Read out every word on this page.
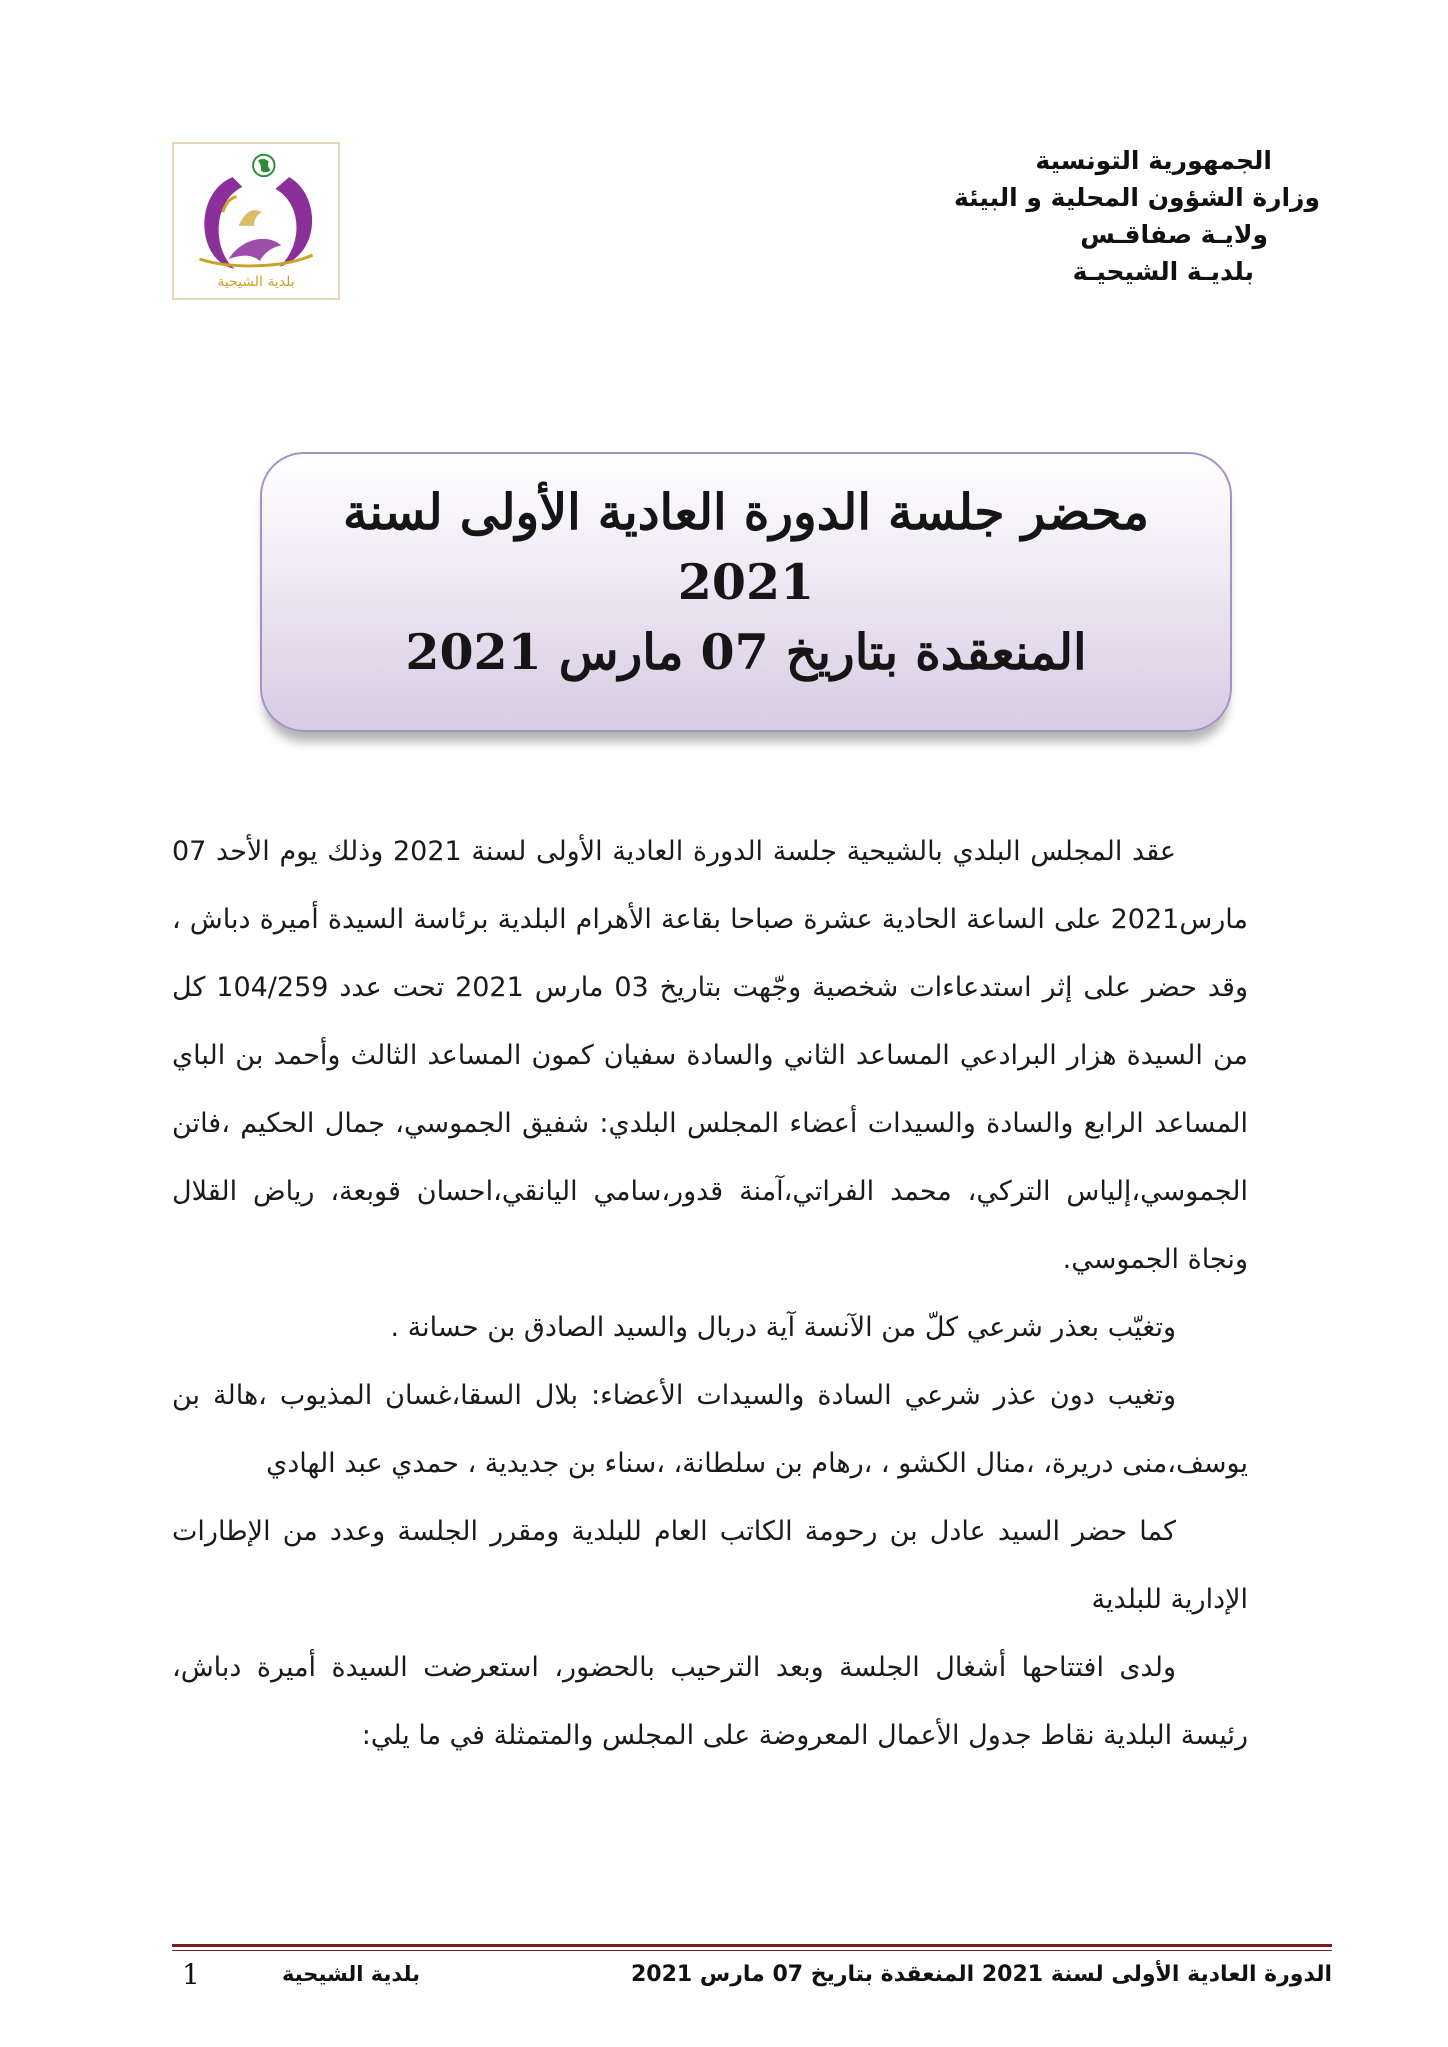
بلدية الشيحية
الجمهورية التونسية
وزارة الشؤون المحلية و البيئة
ولايـة صفاقـس
بلديـة الشيحيـة
محضر جلسة الدورة العادية الأولى لسنة
2021
المنعقدة بتاريخ 07 مارس 2021

عقد المجلس البلدي بالشيحية جلسة الدورة العادية الأولى لسنة 2021 وذلك يوم الأحد 07 مارس2021 على الساعة الحادية عشرة صباحا بقاعة الأهرام البلدية برئاسة السيدة أميرة دباش ، وقد حضر على إثر استدعاءات شخصية وجّهت بتاريخ 03 مارس 2021 تحت عدد 104/259 كل من السيدة هزار البرادعي المساعد الثاني والسادة سفيان كمون المساعد الثالث وأحمد بن الباي المساعد الرابع والسادة والسيدات أعضاء المجلس البلدي: شفيق الجموسي، جمال الحكيم ،فاتن الجموسي،إلياس التركي، محمد الفراتي،آمنة قدور،سامي اليانقي،احسان قوبعة، رياض القلال ونجاة الجموسي.

وتغيّب بعذر شرعي كلّ من الآنسة آية دربال والسيد الصادق بن حسانة .

وتغيب دون عذر شرعي السادة والسيدات الأعضاء: بلال السقا،غسان المذيوب ،هالة بن يوسف،منى دريرة، ،منال الكشو ، ،رهام بن سلطانة، ،سناء بن جديدية ، حمدي عبد الهادي

كما حضر السيد عادل بن رحومة الكاتب العام للبلدية ومقرر الجلسة وعدد من الإطارات الإدارية للبلدية

ولدى افتتاحها أشغال الجلسة وبعد الترحيب بالحضور، استعرضت السيدة أميرة دباش، رئيسة البلدية نقاط جدول الأعمال المعروضة على المجلس والمتمثلة في ما يلي:

الدورة العادية الأولى لسنة 2021 المنعقدة بتاريخ 07 مارس 2021
بلدية الشيحية
1
